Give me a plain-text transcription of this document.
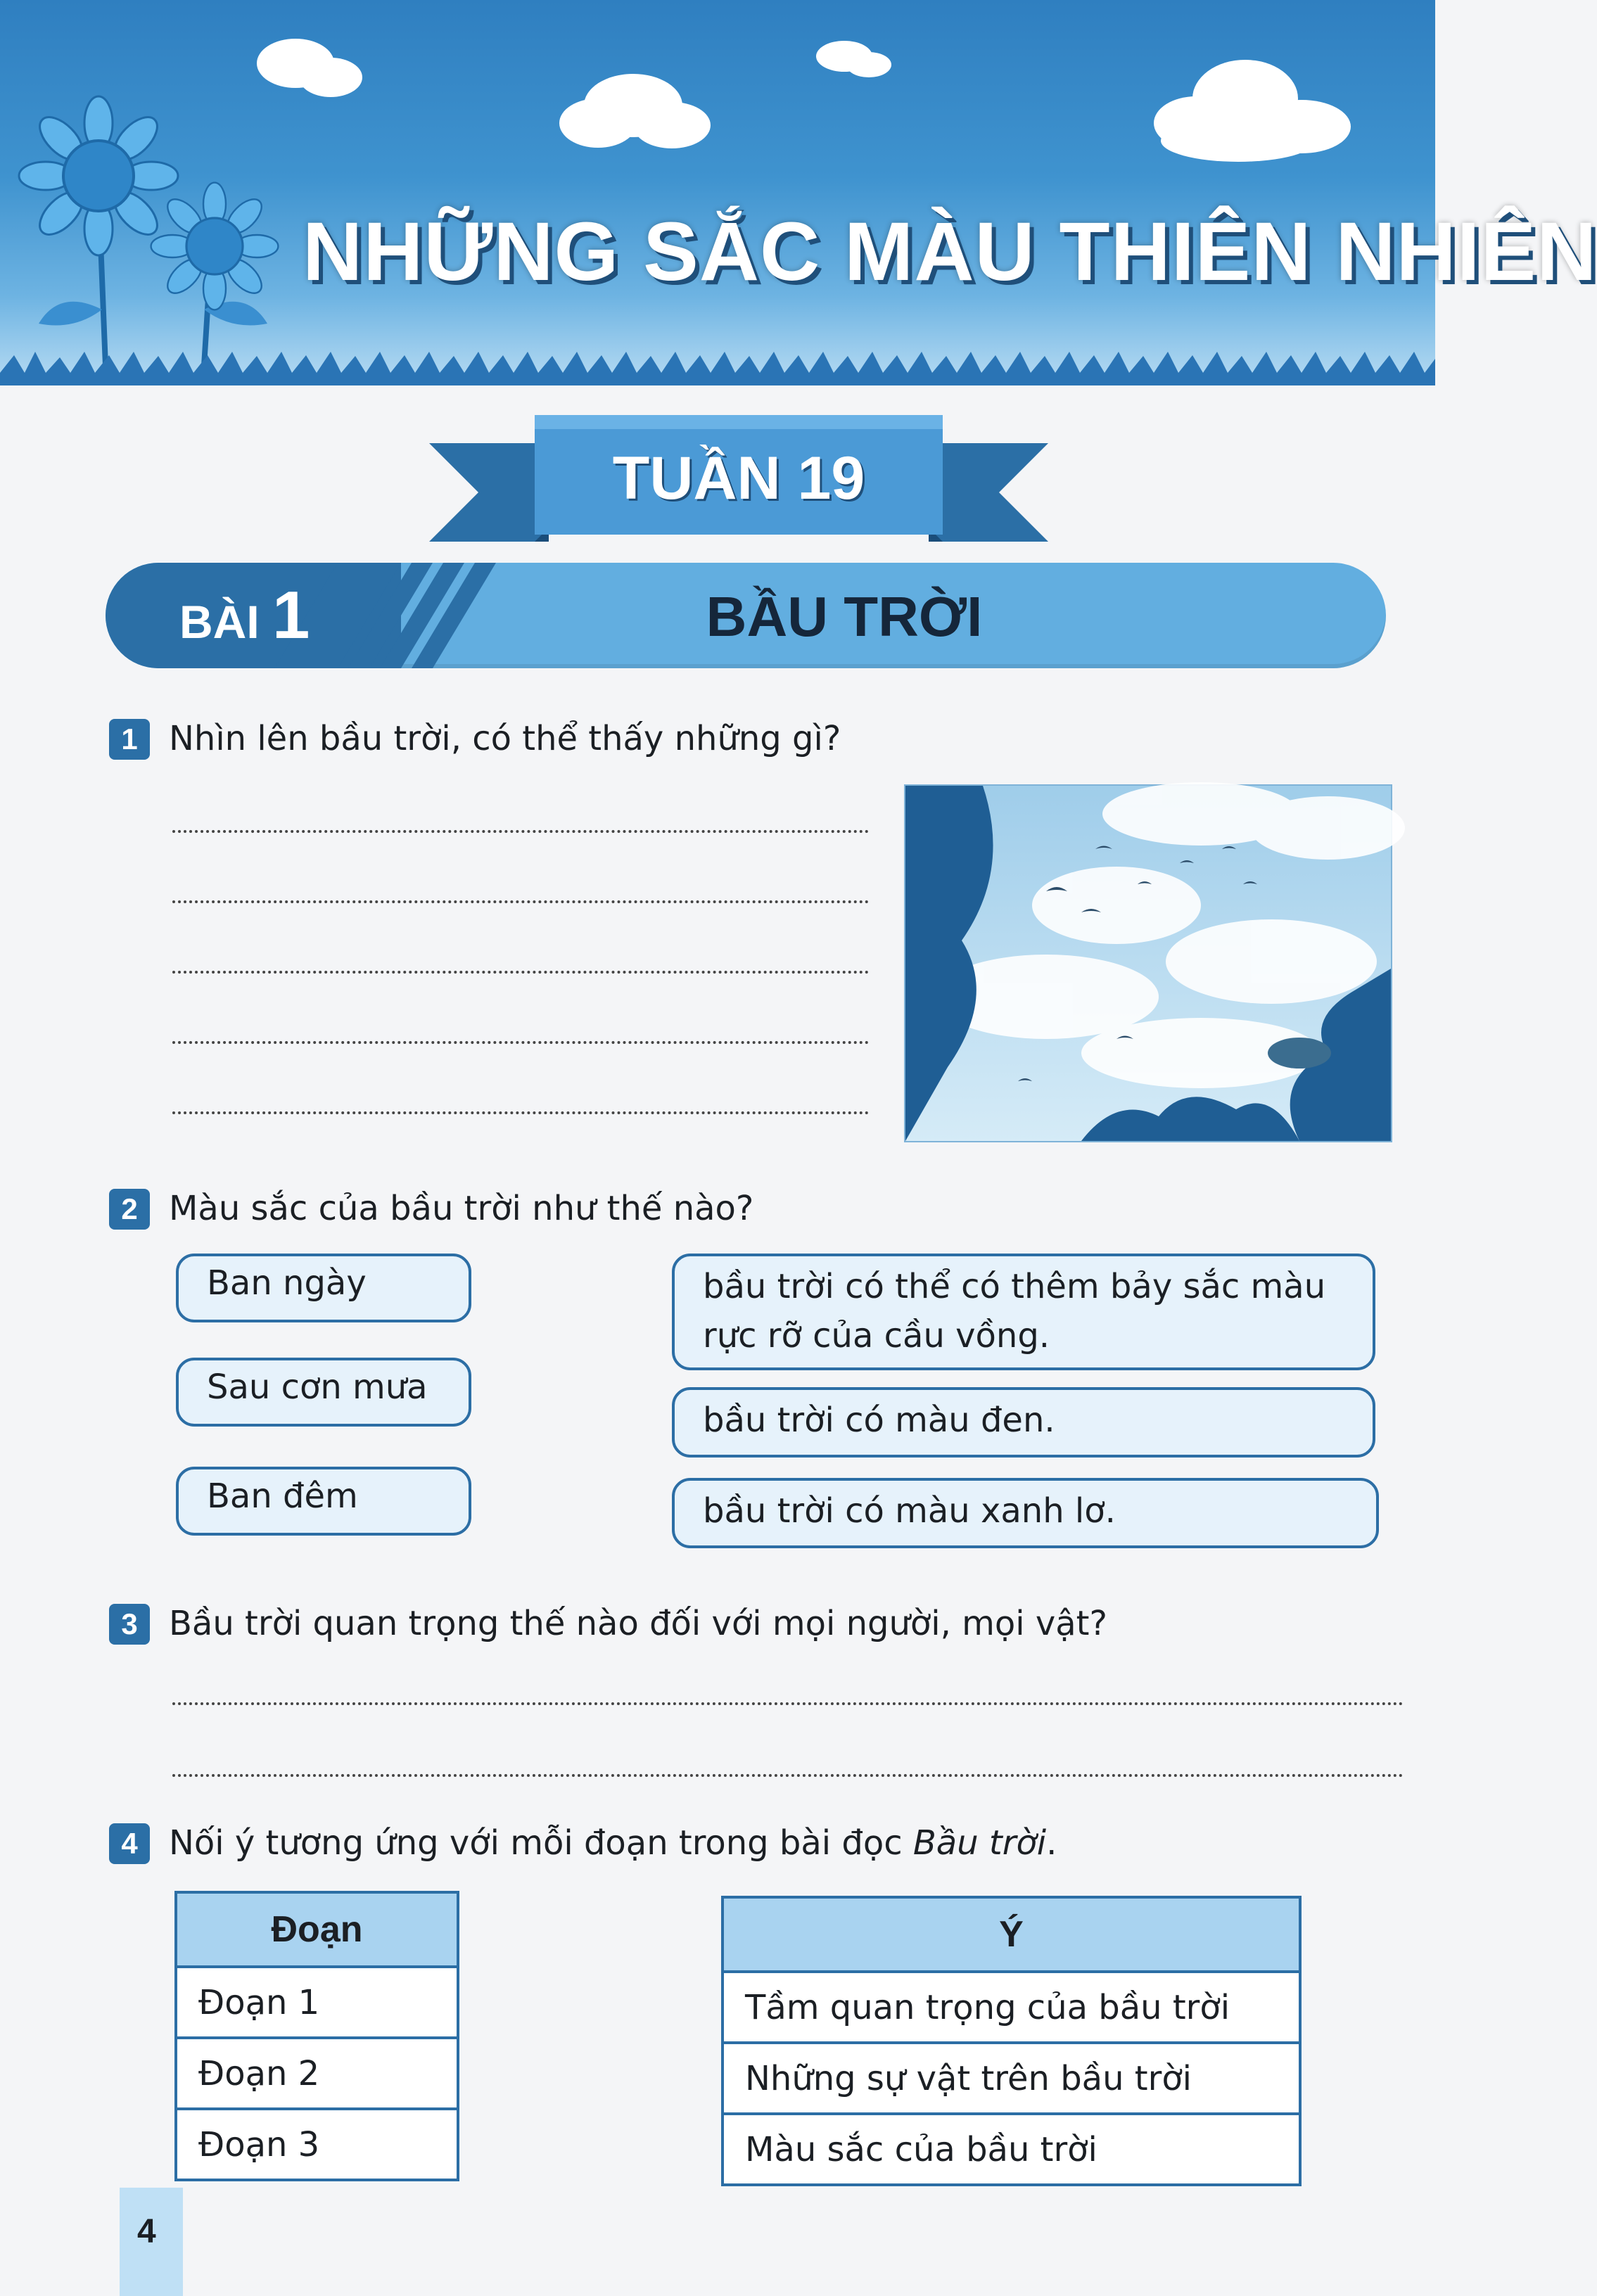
NHỮNG SẮC MÀU THIÊN NHIÊN
TUẦN 19
BÀI 1	BẦU TRỜI
1 Nhìn lên bầu trời, có thể thấy những gì?
2 Màu sắc của bầu trời như thế nào?
Ban ngày
Sau cơn mưa
Ban đêm
bầu trời có thể có thêm bảy sắc màu rực rỡ của cầu vồng.
bầu trời có màu đen.
bầu trời có màu xanh lơ.
3 Bầu trời quan trọng thế nào đối với mọi người, mọi vật?
4 Nối ý tương ứng với mỗi đoạn trong bài đọc Bầu trời.
Đoạn
Đoạn 1
Đoạn 2
Đoạn 3
Ý
Tầm quan trọng của bầu trời
Những sự vật trên bầu trời
Màu sắc của bầu trời
4
